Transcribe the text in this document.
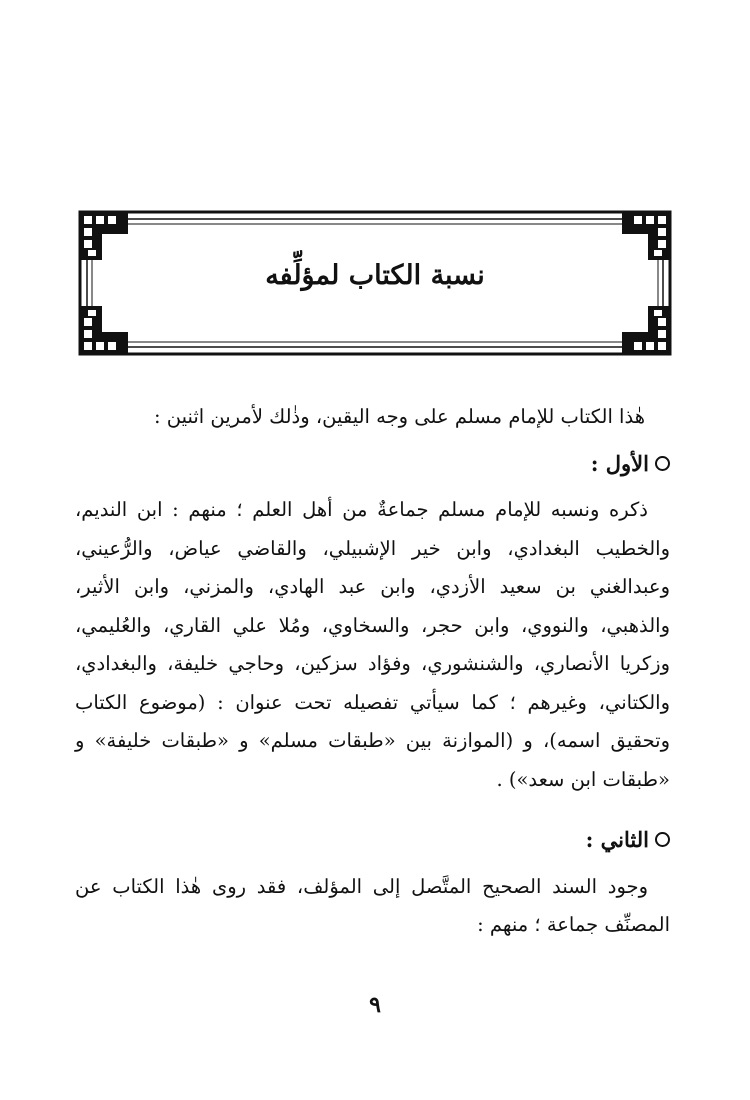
نسبة الكتاب لمؤلِّفه

هٰذا الكتاب للإمام مسلم على وجه اليقين، وذٰلك لأمرين اثنين :

الأول :

ذكره ونسبه للإمام مسلم جماعةٌ من أهل العلم ؛ منهم : ابن النديم، والخطيب البغدادي، وابن خير الإشبيلي، والقاضي عياض، والرُّعيني، وعبدالغني بن سعيد الأزدي، وابن عبد الهادي، والمزني، وابن الأثير، والذهبي، والنووي، وابن حجر، والسخاوي، ومُلا علي القاري، والعُليمي، وزكريا الأنصاري، والشنشوري، وفؤاد سزكين، وحاجي خليفة، والبغدادي، والكتاني، وغيرهم ؛ كما سيأتي تفصيله تحت عنوان : (موضوع الكتاب وتحقيق اسمه)، و (الموازنة بين «طبقات مسلم» و «طبقات خليفة» و «طبقات ابن سعد») .

الثاني :

وجود السند الصحيح المتَّصل إلى المؤلف، فقد روى هٰذا الكتاب عن المصنِّف جماعة ؛ منهم :

٩
